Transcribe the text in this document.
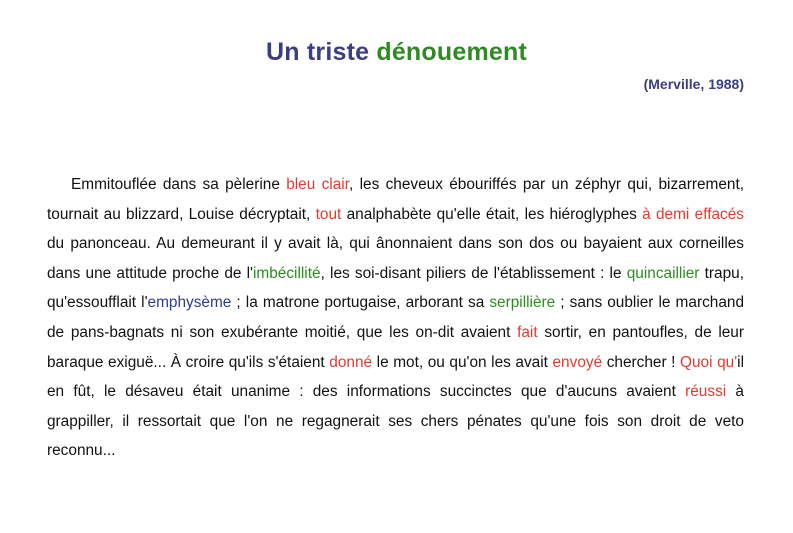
Un triste dénouement
(Merville, 1988)

Emmitouflée dans sa pèlerine bleu clair, les cheveux ébouriffés par un zéphyr qui, bizarrement, tournait au blizzard, Louise décryptait, tout analphabète qu'elle était, les hiéroglyphes à demi effacés du panonceau. Au demeurant il y avait là, qui ânonnaient dans son dos ou bayaient aux corneilles dans une attitude proche de l'imbécillité, les soi-disant piliers de l'établissement : le quincaillier trapu, qu'essoufflait l'emphysème ; la matrone portugaise, arborant sa serpillière ; sans oublier le marchand de pans-bagnats ni son exubérante moitié, que les on-dit avaient fait sortir, en pantoufles, de leur baraque exiguë... À croire qu'ils s'étaient donné le mot, ou qu'on les avait envoyé chercher ! Quoi qu'il en fût, le désaveu était unanime : des informations succinctes que d'aucuns avaient réussi à grappiller, il ressortait que l'on ne regagnerait ses chers pénates qu'une fois son droit de veto reconnu...
